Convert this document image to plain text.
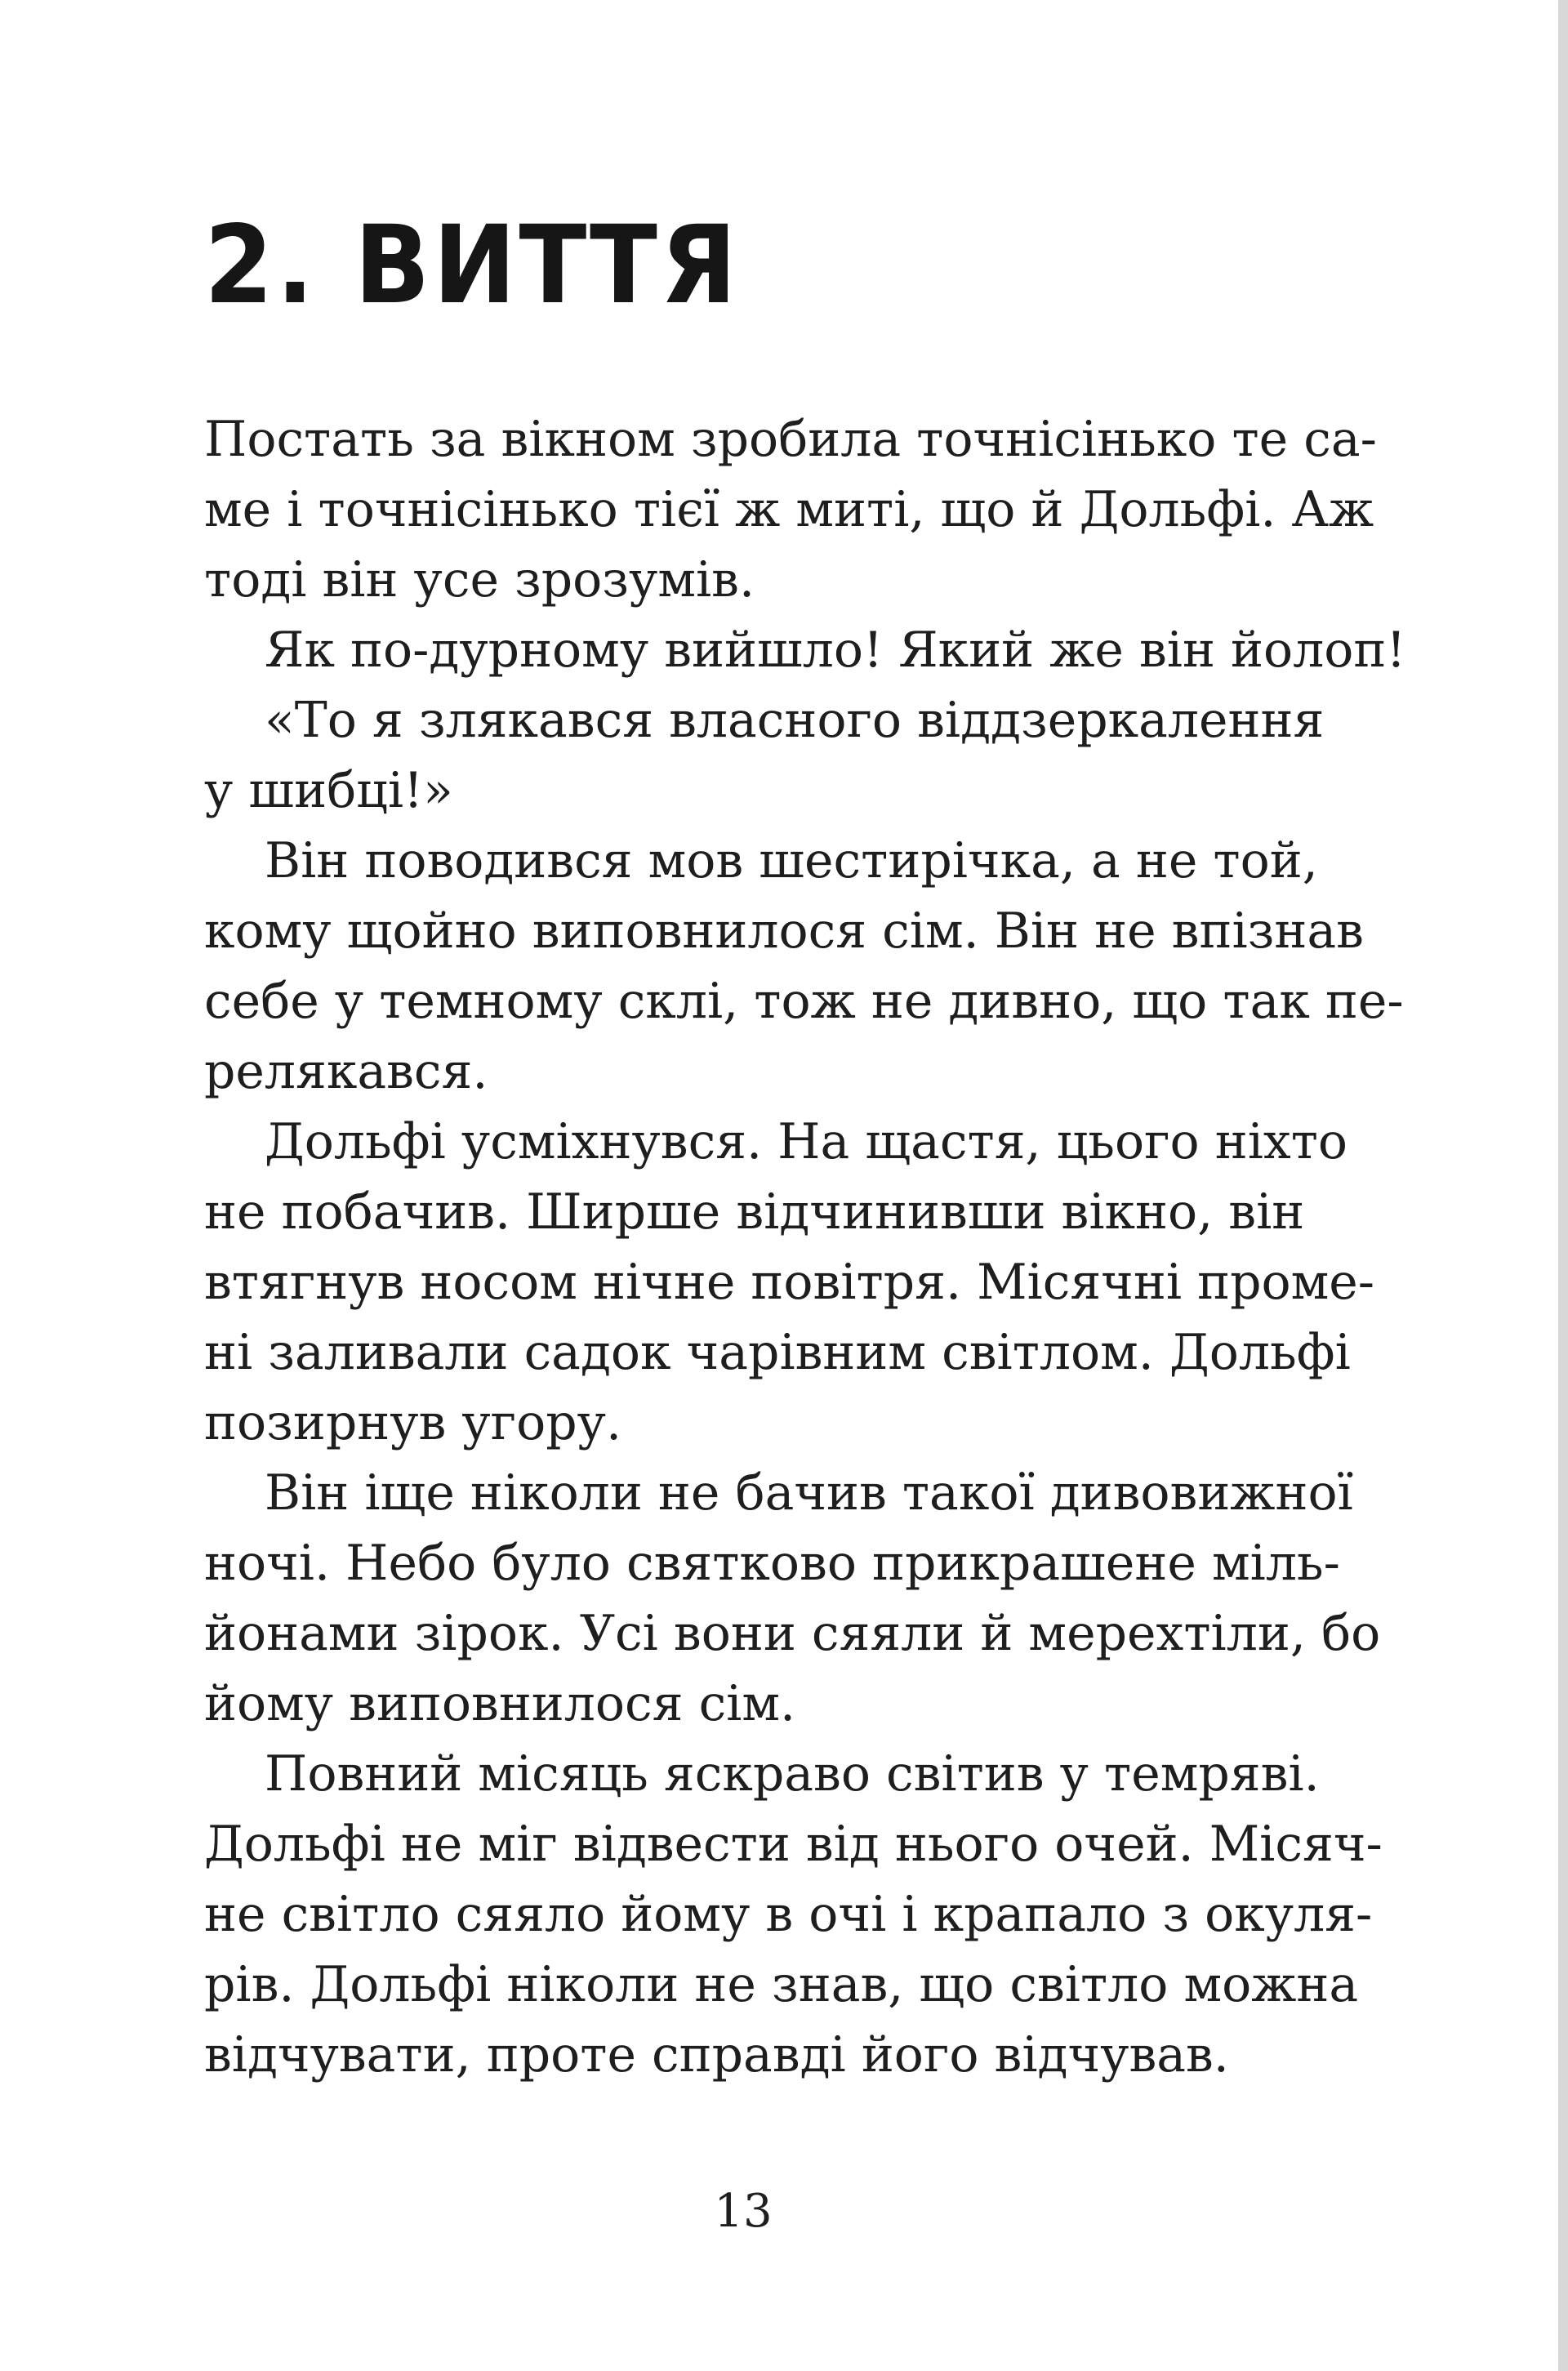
2. ВИТТЯ
Постать за вікном зробила точнісінько те са-
ме і точнісінько тієї ж миті, що й Дольфі. Аж
тоді він усе зрозумів.
Як по-дурному вийшло! Який же він йолоп!
«То я злякався власного віддзеркалення
у шибці!»
Він поводився мов шестирічка, а не той,
кому щойно виповнилося сім. Він не впізнав
себе у темному склі, тож не дивно, що так пе-
релякався.
Дольфі усміхнувся. На щастя, цього ніхто
не побачив. Ширше відчинивши вікно, він
втягнув носом нічне повітря. Місячні проме-
ні заливали садок чарівним світлом. Дольфі
позирнув угору.
Він іще ніколи не бачив такої дивовижної
ночі. Небо було святково прикрашене міль-
йонами зірок. Усі вони сяяли й мерехтіли, бо
йому виповнилося сім.
Повний місяць яскраво світив у темряві.
Дольфі не міг відвести від нього очей. Місяч-
не світло сяяло йому в очі і крапало з окуля-
рів. Дольфі ніколи не знав, що світло можна
відчувати, проте справді його відчував.
13
